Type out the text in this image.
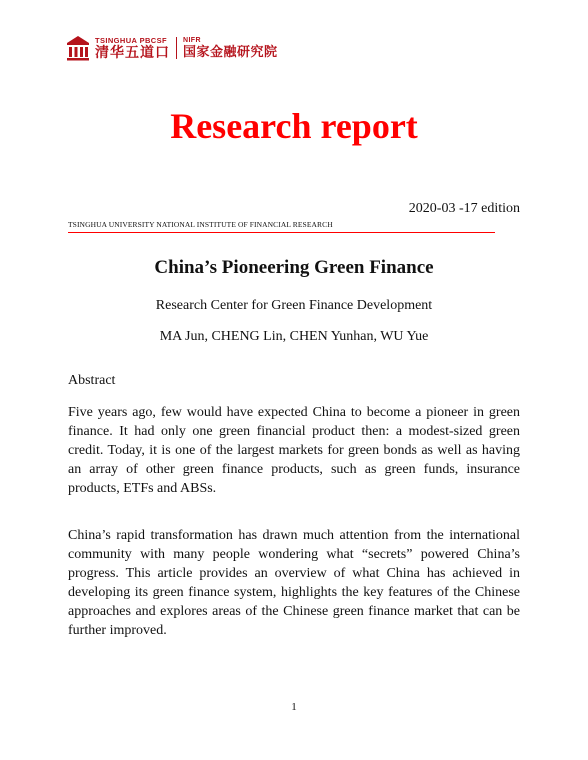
TSINGHUA PBCSF
清华五道口
NIFR
国家金融研究院
Research report
2020-03 -17 edition
TSINGHUA UNIVERSITY NATIONAL INSTITUTE OF FINANCIAL RESEARCH
China’s Pioneering Green Finance
Research Center for Green Finance Development
MA Jun, CHENG Lin, CHEN Yunhan, WU Yue
Abstract
Five years ago, few would have expected China to become a pioneer in green finance. It had only one green financial product then: a modest-sized green credit. Today, it is one of the largest markets for green bonds as well as having an array of other green finance products, such as green funds, insurance products, ETFs and ABSs.
China’s rapid transformation has drawn much attention from the international community with many people wondering what “secrets” powered China’s progress. This article provides an overview of what China has achieved in developing its green finance system, highlights the key features of the Chinese approaches and explores areas of the Chinese green finance market that can be further improved.
1
